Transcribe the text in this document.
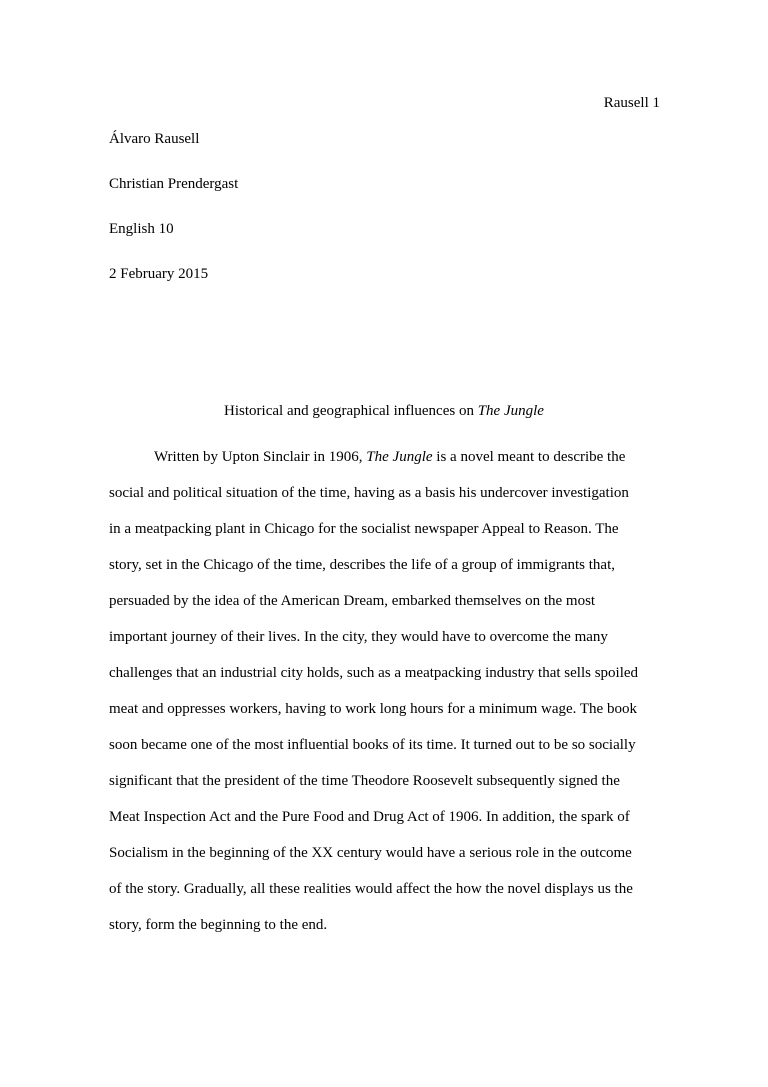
Rausell 1
Álvaro Rausell
Christian Prendergast
English 10
2 February 2015
Historical and geographical influences on The Jungle
Written by Upton Sinclair in 1906, The Jungle is a novel meant to describe the
social and political situation of the time, having as a basis his undercover investigation
in a meatpacking plant in Chicago for the socialist newspaper Appeal to Reason. The
story, set in the Chicago of the time, describes the life of a group of immigrants that,
persuaded by the idea of the American Dream, embarked themselves on the most
important journey of their lives. In the city, they would have to overcome the many
challenges that an industrial city holds, such as a meatpacking industry that sells spoiled
meat and oppresses workers, having to work long hours for a minimum wage. The book
soon became one of the most influential books of its time. It turned out to be so socially
significant that the president of the time Theodore Roosevelt subsequently signed the
Meat Inspection Act and the Pure Food and Drug Act of 1906. In addition, the spark of
Socialism in the beginning of the XX century would have a serious role in the outcome
of the story. Gradually, all these realities would affect the how the novel displays us the
story, form the beginning to the end.
